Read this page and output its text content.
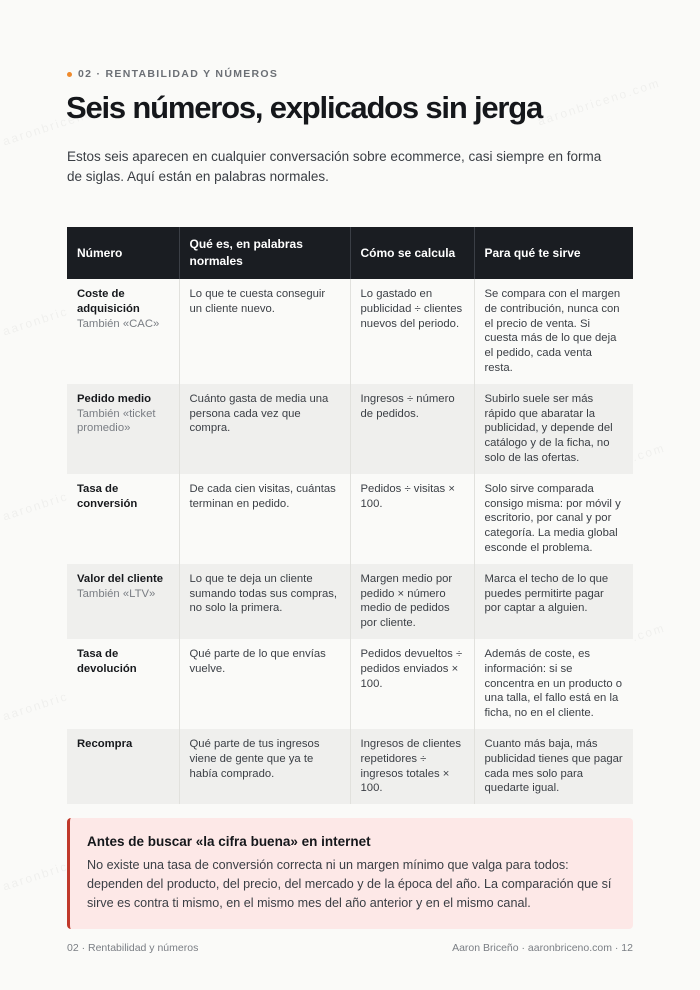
02 · RENTABILIDAD Y NÚMEROS
Seis números, explicados sin jerga

Estos seis aparecen en cualquier conversación sobre ecommerce, casi siempre en forma de siglas. Aquí están en palabras normales.

Número	Qué es, en palabras normales	Cómo se calcula	Para qué te sirve

Coste de adquisición
También «CAC»	Lo que te cuesta conseguir un cliente nuevo.	Lo gastado en publicidad ÷ clientes nuevos del periodo.	Se compara con el margen de contribución, nunca con el precio de venta. Si cuesta más de lo que deja el pedido, cada venta resta.

Pedido medio
También «ticket promedio»	Cuánto gasta de media una persona cada vez que compra.	Ingresos ÷ número de pedidos.	Subirlo suele ser más rápido que abaratar la publicidad, y depende del catálogo y de la ficha, no solo de las ofertas.

Tasa de conversión	De cada cien visitas, cuántas terminan en pedido.	Pedidos ÷ visitas × 100.	Solo sirve comparada consigo misma: por móvil y escritorio, por canal y por categoría. La media global esconde el problema.

Valor del cliente
También «LTV»	Lo que te deja un cliente sumando todas sus compras, no solo la primera.	Margen medio por pedido × número medio de pedidos por cliente.	Marca el techo de lo que puedes permitirte pagar por captar a alguien.

Tasa de devolución	Qué parte de lo que envías vuelve.	Pedidos devueltos ÷ pedidos enviados × 100.	Además de coste, es información: si se concentra en un producto o una talla, el fallo está en la ficha, no en el cliente.

Recompra	Qué parte de tus ingresos viene de gente que ya te había comprado.	Ingresos de clientes repetidores ÷ ingresos totales × 100.	Cuanto más baja, más publicidad tienes que pagar cada mes solo para quedarte igual.
Antes de buscar «la cifra buena» en internet
No existe una tasa de conversión correcta ni un margen mínimo que valga para todos: dependen del producto, del precio, del mercado y de la época del año. La comparación que sí sirve es contra ti mismo, en el mismo mes del año anterior y en el mismo canal.
02 · Rentabilidad y números	Aaron Briceño · aaronbriceno.com · 12
